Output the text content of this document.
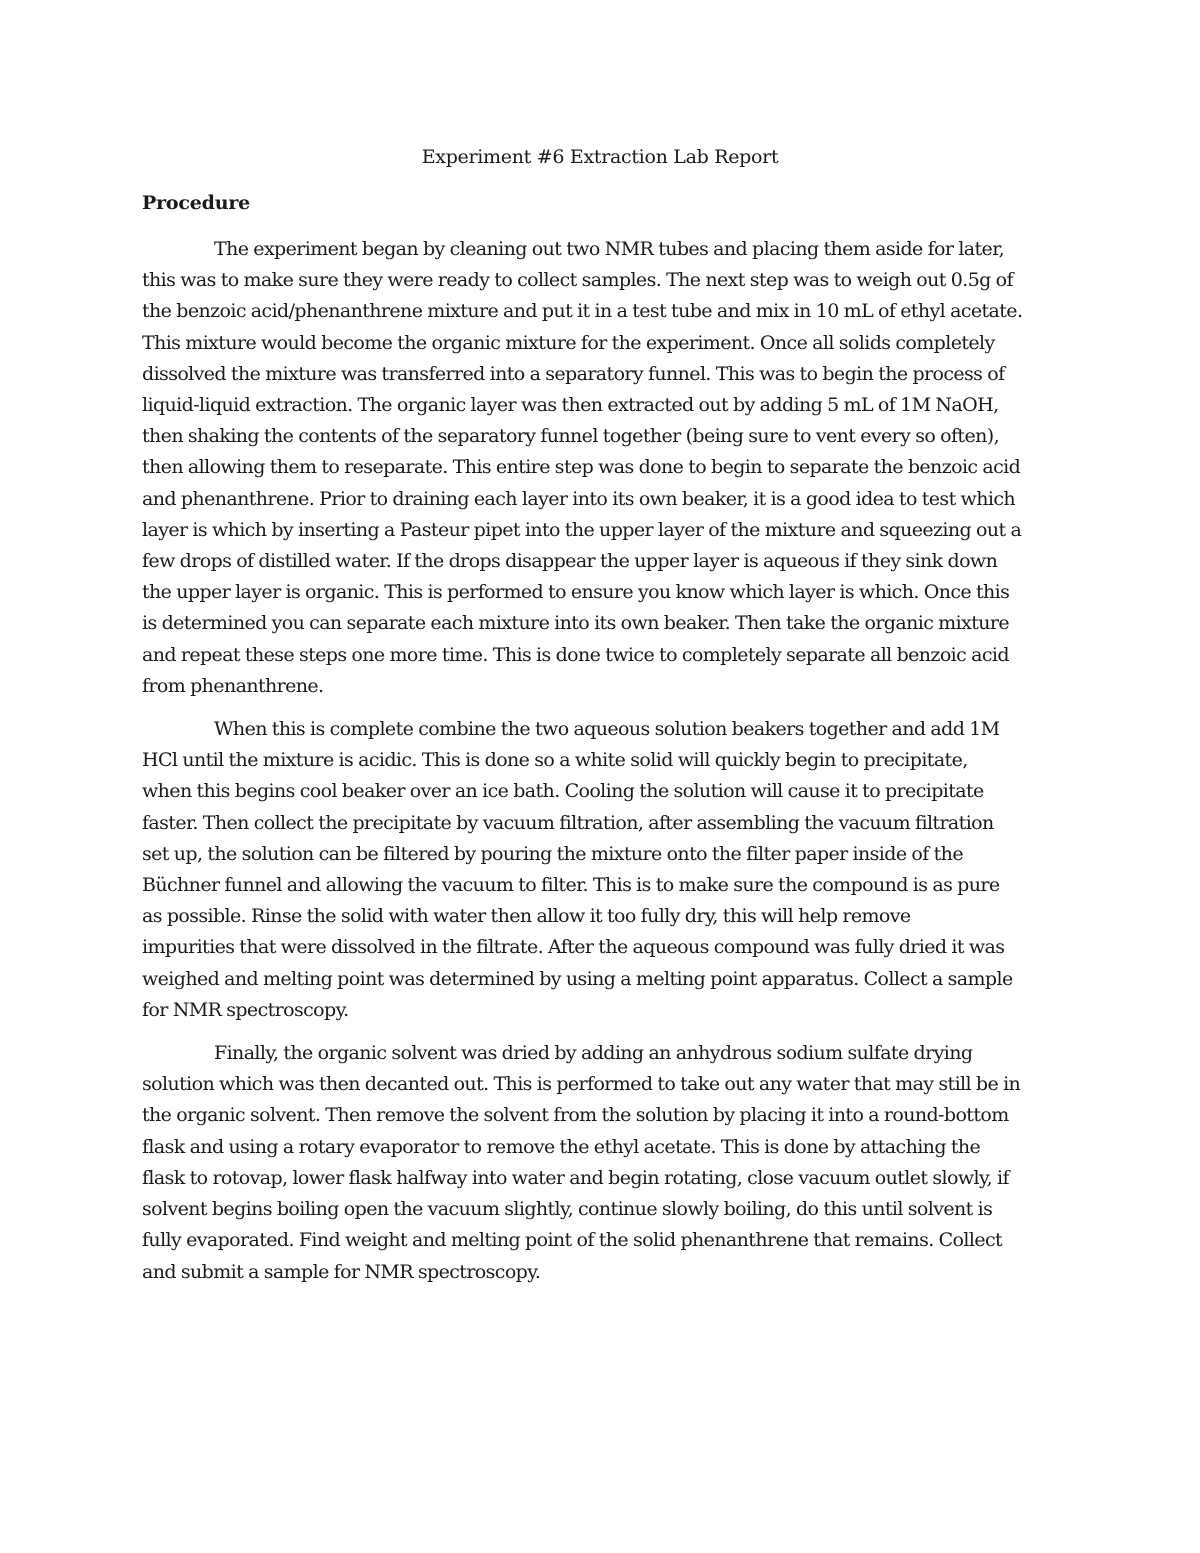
Experiment #6 Extraction Lab Report
Procedure

The experiment began by cleaning out two NMR tubes and placing them aside for later,
this was to make sure they were ready to collect samples. The next step was to weigh out 0.5g of
the benzoic acid/phenanthrene mixture and put it in a test tube and mix in 10 mL of ethyl acetate.
This mixture would become the organic mixture for the experiment. Once all solids completely
dissolved the mixture was transferred into a separatory funnel. This was to begin the process of
liquid-liquid extraction. The organic layer was then extracted out by adding 5 mL of 1M NaOH,
then shaking the contents of the separatory funnel together (being sure to vent every so often),
then allowing them to reseparate. This entire step was done to begin to separate the benzoic acid
and phenanthrene. Prior to draining each layer into its own beaker, it is a good idea to test which
layer is which by inserting a Pasteur pipet into the upper layer of the mixture and squeezing out a
few drops of distilled water. If the drops disappear the upper layer is aqueous if they sink down
the upper layer is organic. This is performed to ensure you know which layer is which. Once this
is determined you can separate each mixture into its own beaker. Then take the organic mixture
and repeat these steps one more time. This is done twice to completely separate all benzoic acid
from phenanthrene.

When this is complete combine the two aqueous solution beakers together and add 1M
HCl until the mixture is acidic. This is done so a white solid will quickly begin to precipitate,
when this begins cool beaker over an ice bath. Cooling the solution will cause it to precipitate
faster. Then collect the precipitate by vacuum filtration, after assembling the vacuum filtration
set up, the solution can be filtered by pouring the mixture onto the filter paper inside of the
Büchner funnel and allowing the vacuum to filter. This is to make sure the compound is as pure
as possible. Rinse the solid with water then allow it too fully dry, this will help remove
impurities that were dissolved in the filtrate. After the aqueous compound was fully dried it was
weighed and melting point was determined by using a melting point apparatus. Collect a sample
for NMR spectroscopy.

Finally, the organic solvent was dried by adding an anhydrous sodium sulfate drying
solution which was then decanted out. This is performed to take out any water that may still be in
the organic solvent. Then remove the solvent from the solution by placing it into a round-bottom
flask and using a rotary evaporator to remove the ethyl acetate. This is done by attaching the
flask to rotovap, lower flask halfway into water and begin rotating, close vacuum outlet slowly, if
solvent begins boiling open the vacuum slightly, continue slowly boiling, do this until solvent is
fully evaporated. Find weight and melting point of the solid phenanthrene that remains. Collect
and submit a sample for NMR spectroscopy.
